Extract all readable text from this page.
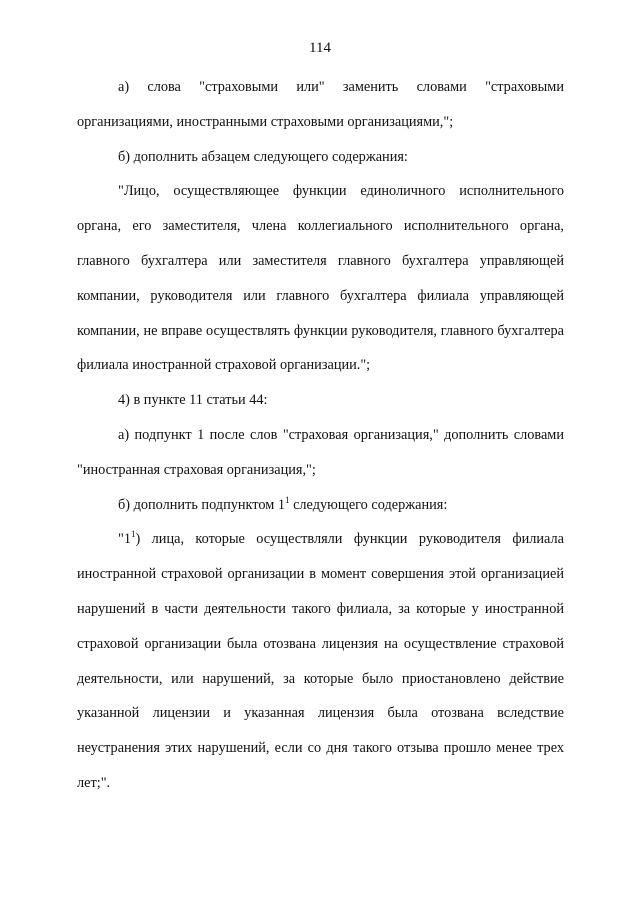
114

а) слова "страховыми или" заменить словами "страховыми организациями, иностранными страховыми организациями,";

б) дополнить абзацем следующего содержания:

"Лицо, осуществляющее функции единоличного исполнительного органа, его заместителя, члена коллегиального исполнительного органа, главного бухгалтера или заместителя главного бухгалтера управляющей компании, руководителя или главного бухгалтера филиала управляющей компании, не вправе осуществлять функции руководителя, главного бухгалтера филиала иностранной страховой организации.";

4) в пункте 11 статьи 44:

а) подпункт 1 после слов "страховая организация," дополнить словами "иностранная страховая организация,";

б) дополнить подпунктом $1^1$ следующего содержания:

"$1^1$) лица, которые осуществляли функции руководителя филиала иностранной страховой организации в момент совершения этой организацией нарушений в части деятельности такого филиала, за которые у иностранной страховой организации была отозвана лицензия на осуществление страховой деятельности, или нарушений, за которые было приостановлено действие указанной лицензии и указанная лицензия была отозвана вследствие неустранения этих нарушений, если со дня такого отзыва прошло менее трех лет;".
